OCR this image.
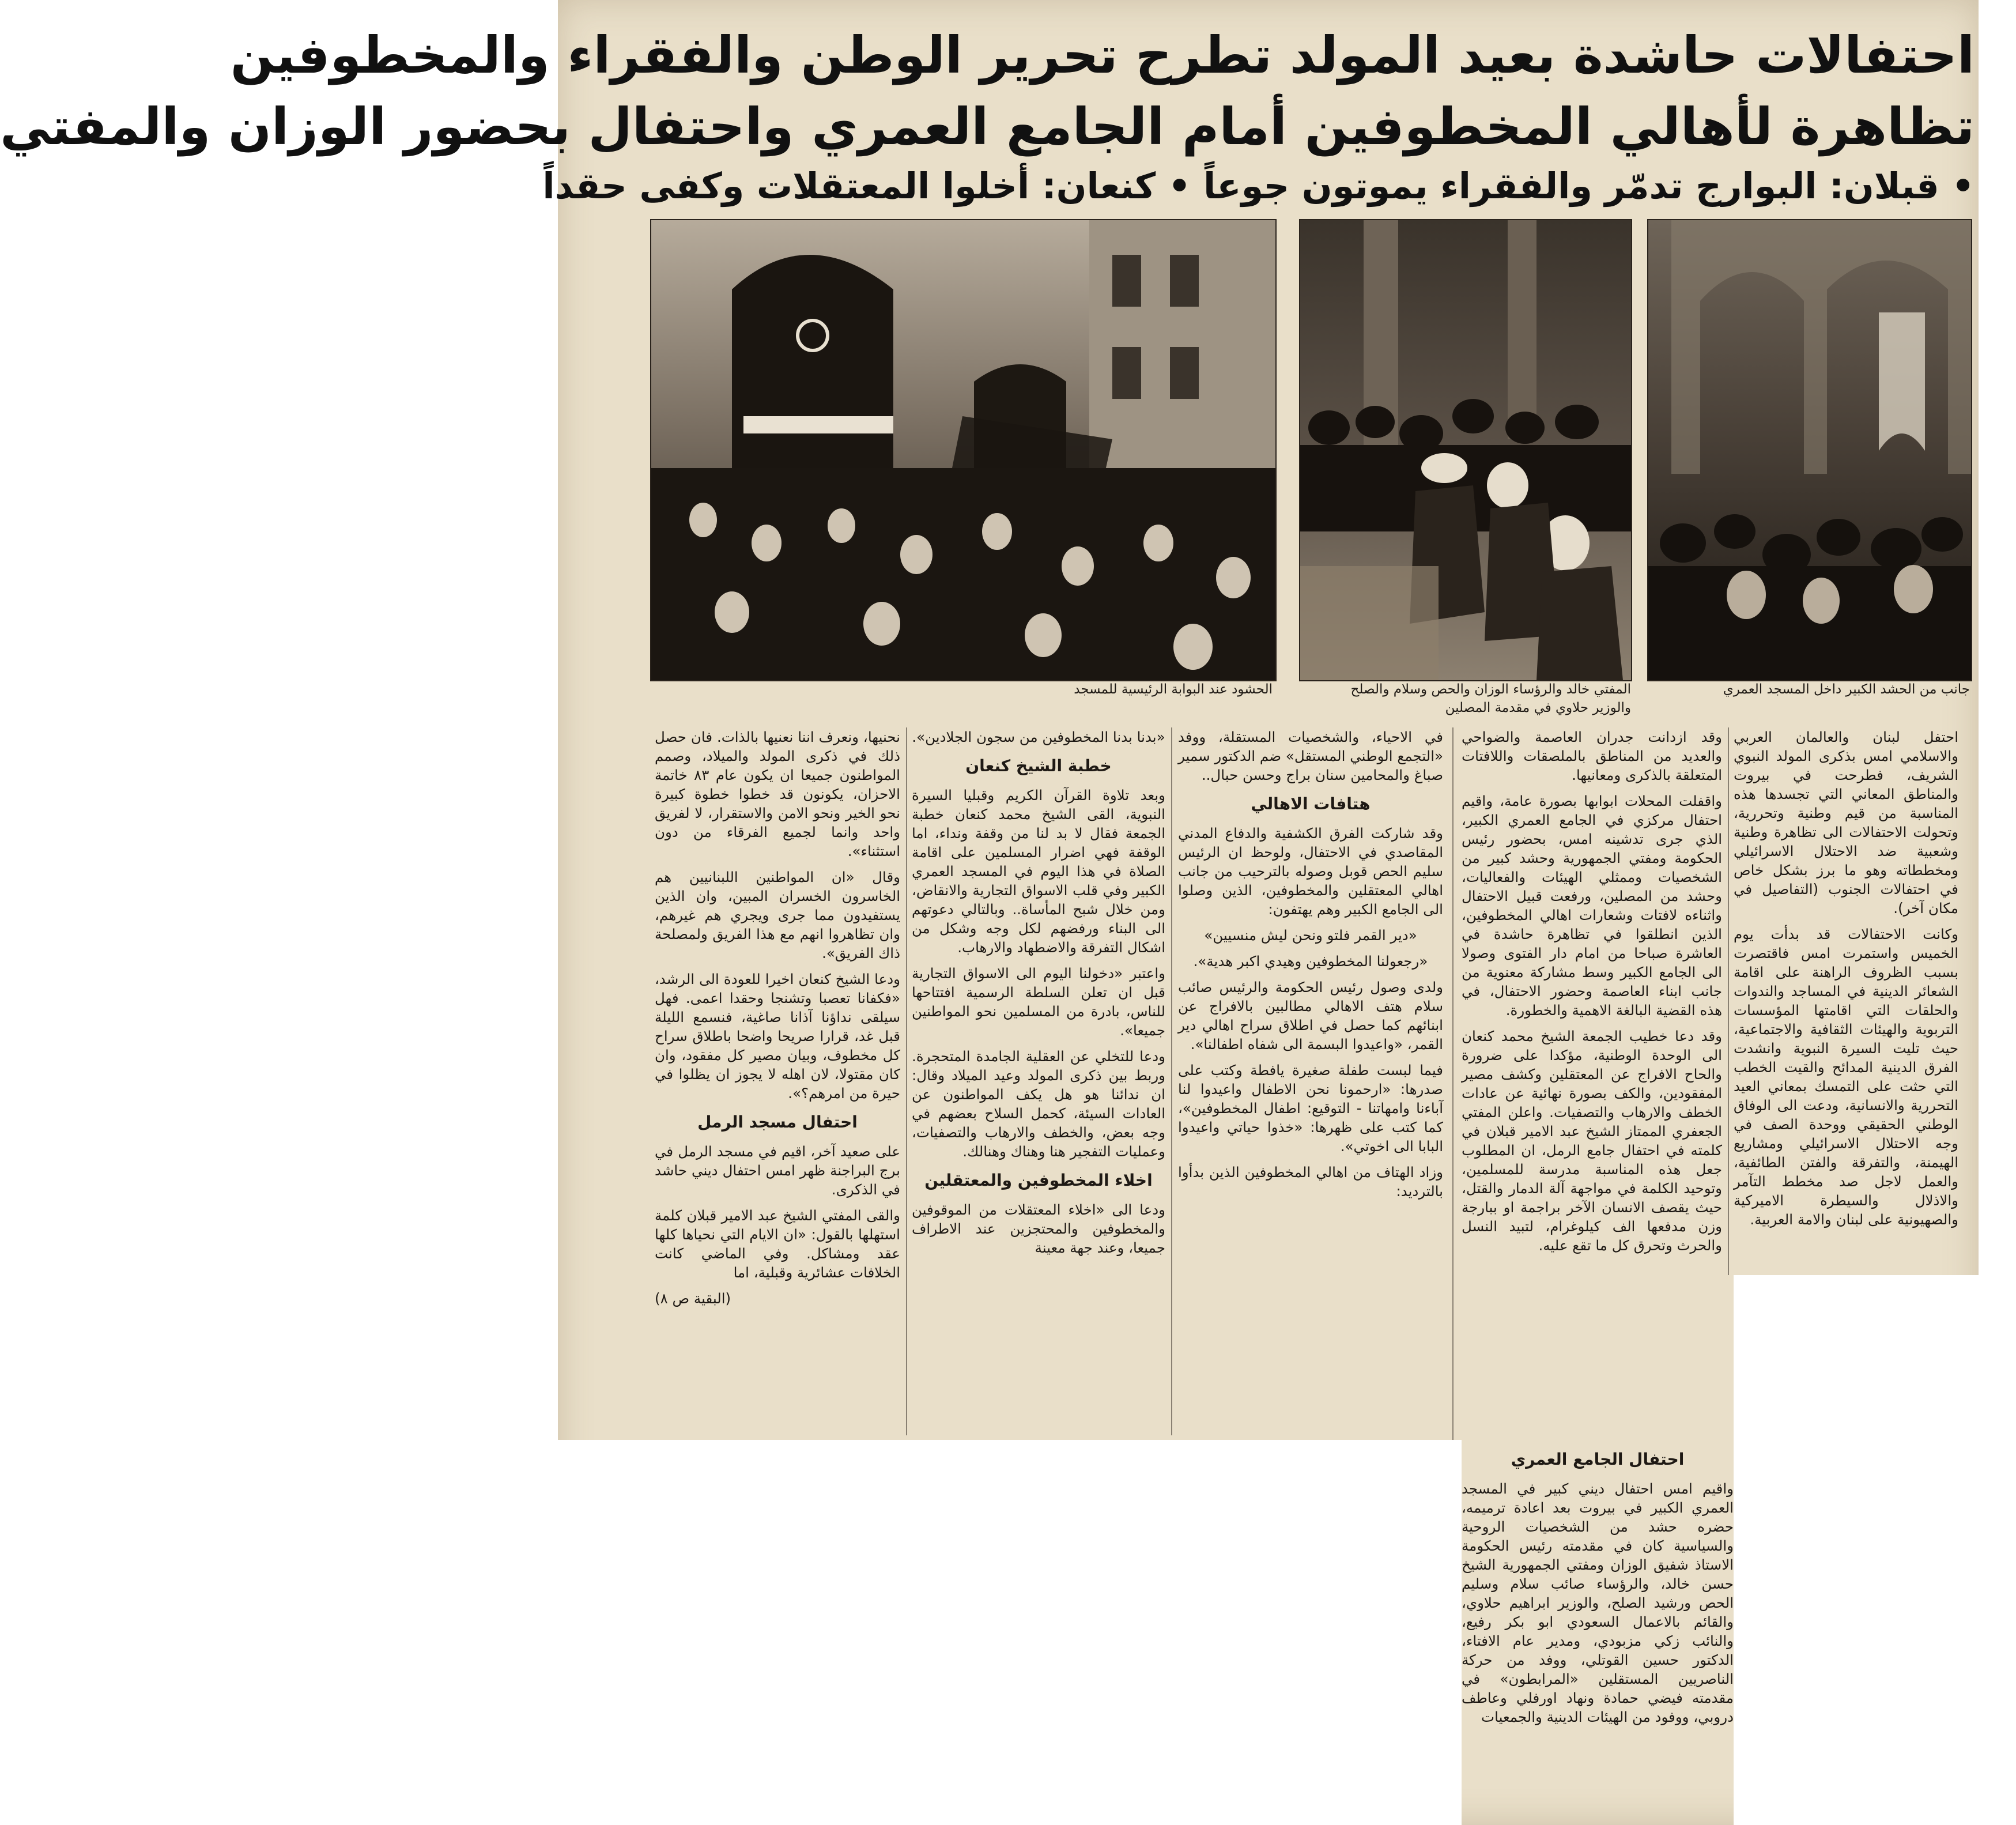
احتفالات حاشدة بعيد المولد تطرح تحرير الوطن والفقراء والمخطوفين
تظاهرة لأهالي المخطوفين أمام الجامع العمري واحتفال بحضور الوزان والمفتي
• قبلان: البوارج تدمّر والفقراء يموتون جوعاً • كنعان: أخلوا المعتقلات وكفى حقداً
جانب من الحشد الكبير داخل المسجد العمري
المفتي خالد والرؤساء الوزان والحص وسلام والصلح
والوزير حلاوي في مقدمة المصلين
الحشود عند البوابة الرئيسية للمسجد

احتفل لبنان والعالمان العربي والاسلامي امس بذكرى المولد النبوي الشريف، فطرحت في بيروت والمناطق المعاني التي تجسدها هذه المناسبة من قيم وطنية وتحررية، وتحولت الاحتفالات الى تظاهرة وطنية وشعبية ضد الاحتلال الاسرائيلي ومخططاته وهو ما برز بشكل خاص في احتفالات الجنوب (التفاصيل في مكان آخر).

وكانت الاحتفالات قد بدأت يوم الخميس واستمرت امس فاقتصرت بسبب الظروف الراهنة على اقامة الشعائر الدينية في المساجد والندوات والحلقات التي اقامتها المؤسسات التربوية والهيئات الثقافية والاجتماعية، حيث تليت السيرة النبوية وانشدت الفرق الدينية المدائح والقيت الخطب التي حثت على التمسك بمعاني العيد التحررية والانسانية، ودعت الى الوفاق الوطني الحقيقي ووحدة الصف في وجه الاحتلال الاسرائيلي ومشاريع الهيمنة، والتفرقة والفتن الطائفية، والعمل لاجل صد مخطط التآمر والاذلال والسيطرة الاميركية والصهيونية على لبنان والامة العربية.

وقد ازدانت جدران العاصمة والضواحي والعديد من المناطق بالملصقات واللافتات المتعلقة بالذكرى ومعانيها.

واقفلت المحلات ابوابها بصورة عامة، واقيم احتفال مركزي في الجامع العمري الكبير، الذي جرى تدشينه امس، بحضور رئيس الحكومة ومفتي الجمهورية وحشد كبير من الشخصيات وممثلي الهيئات والفعاليات، وحشد من المصلين، ورفعت قبيل الاحتفال واثناءه لافتات وشعارات اهالي المخطوفين، الذين انطلقوا في تظاهرة حاشدة في العاشرة صباحا من امام دار الفتوى وصولا الى الجامع الكبير وسط مشاركة معنوية من جانب ابناء العاصمة وحضور الاحتفال، في هذه القضية البالغة الاهمية والخطورة.

وقد دعا خطيب الجمعة الشيخ محمد كنعان الى الوحدة الوطنية، مؤكدا على ضرورة والحاح الافراج عن المعتقلين وكشف مصير المفقودين، والكف بصورة نهائية عن عادات الخطف والارهاب والتصفيات. واعلن المفتي الجعفري الممتاز الشيخ عبد الامير قبلان في كلمته في احتفال جامع الرمل، ان المطلوب جعل هذه المناسبة مدرسة للمسلمين، وتوحيد الكلمة في مواجهة آلة الدمار والقتل، حيث يقصف الانسان الآخر براجمة او ببارجة وزن مدفعها الف كيلوغرام، لتبيد النسل والحرث وتحرق كل ما تقع عليه.

احتفال الجامع العمري

واقيم امس احتفال ديني كبير في المسجد العمري الكبير في بيروت بعد اعادة ترميمه، حضره حشد من الشخصيات الروحية والسياسية كان في مقدمته رئيس الحكومة الاستاذ شفيق الوزان ومفتي الجمهورية الشيخ حسن خالد، والرؤساء صائب سلام وسليم الحص ورشيد الصلح، والوزير ابراهيم حلاوي، والقائم بالاعمال السعودي ابو بكر رفيع، والنائب زكي مزبودي، ومدير عام الافتاء، الدكتور حسين القوتلي، ووفد من حركة الناصريين المستقلين «المرابطون» في مقدمته فيضي حمادة ونهاد اورفلي وعاطف دروبي، ووفود من الهيئات الدينية والجمعيات

في الاحياء، والشخصيات المستقلة، ووفد «التجمع الوطني المستقل» ضم الدكتور سمير صباغ والمحامين سنان براج وحسن حبال..

هتافات الاهالي

وقد شاركت الفرق الكشفية والدفاع المدني المقاصدي في الاحتفال، ولوحظ ان الرئيس سليم الحص قوبل وصوله بالترحيب من جانب اهالي المعتقلين والمخطوفين، الذين وصلوا الى الجامع الكبير وهم يهتفون:

«دير القمر فلتو ونحن ليش منسيين»

«رجعولنا المخطوفين وهيدي اكبر هدية».

ولدى وصول رئيس الحكومة والرئيس صائب سلام هتف الاهالي مطالبين بالافراج عن ابنائهم كما حصل في اطلاق سراح اهالي دير القمر، «واعيدوا البسمة الى شفاه اطفالنا».

فيما لبست طفلة صغيرة يافطة وكتب على صدرها: «ارحمونا نحن الاطفال واعيدوا لنا آباءنا وامهاتنا - التوقيع: اطفال المخطوفين»، كما كتب على ظهرها: «خذوا حياتي واعيدوا البابا الى اخوتي».

وزاد الهتاف من اهالي المخطوفين الذين بدأوا بالترديد:

«بدنا بدنا المخطوفين من سجون الجلادين».

خطبة الشيخ كنعان

وبعد تلاوة القرآن الكريم وقبليا السيرة النبوية، القى الشيخ محمد كنعان خطبة الجمعة فقال لا بد لنا من وقفة ونداء، اما الوقفة فهي اضرار المسلمين على اقامة الصلاة في هذا اليوم في المسجد العمري الكبير وفي قلب الاسواق التجارية والانقاض، ومن خلال شبح المأساة.. وبالتالي دعوتهم الى البناء ورفضهم لكل وجه وشكل من اشكال التفرقة والاضطهاد والارهاب.

واعتبر «دخولنا اليوم الى الاسواق التجارية قبل ان تعلن السلطة الرسمية افتتاحها للناس، بادرة من المسلمين نحو المواطنين جميعا».

ودعا للتخلي عن العقلية الجامدة المتحجرة. وربط بين ذكرى المولد وعيد الميلاد وقال: ان ندائنا هو هل يكف المواطنون عن العادات السيئة، كحمل السلاح بعضهم في وجه بعض، والخطف والارهاب والتصفيات، وعمليات التفجير هنا وهناك وهنالك.

اخلاء المخطوفين والمعتقلين

ودعا الى «اخلاء المعتقلات من الموقوفين والمخطوفين والمحتجزين عند الاطراف جميعا، وعند جهة معينة

نحنيها، ونعرف اننا نعنيها بالذات. فان حصل ذلك في ذكرى المولد والميلاد، وصمم المواطنون جميعا ان يكون عام ٨٣ خاتمة الاحزان، يكونون قد خطوا خطوة كبيرة نحو الخير ونحو الامن والاستقرار، لا لفريق واحد وانما لجميع الفرقاء من دون استثناء».

وقال «ان المواطنين اللبنانيين هم الخاسرون الخسران المبين، وان الذين يستفيدون مما جرى ويجري هم غيرهم، وان تظاهروا انهم مع هذا الفريق ولمصلحة ذاك الفريق».

ودعا الشيخ كنعان اخيرا للعودة الى الرشد، «فكفانا تعصبا وتشنجا وحقدا اعمى. فهل سيلقى نداؤنا آذانا صاغية، فنسمع الليلة قبل غد، قرارا صريحا واضحا باطلاق سراح كل مخطوف، وبيان مصير كل مفقود، وان كان مقتولا، لان اهله لا يجوز ان يظلوا في حيرة من امرهم؟».

احتفال مسجد الرمل

على صعيد آخر، اقيم في مسجد الرمل في برج البراجنة ظهر امس احتفال ديني حاشد في الذكرى.

والقى المفتي الشيخ عبد الامير قبلان كلمة استهلها بالقول: «ان الايام التي نحياها كلها عقد ومشاكل. وفي الماضي كانت الخلافات عشائرية وقبلية، اما

(البقية ص ٨)
